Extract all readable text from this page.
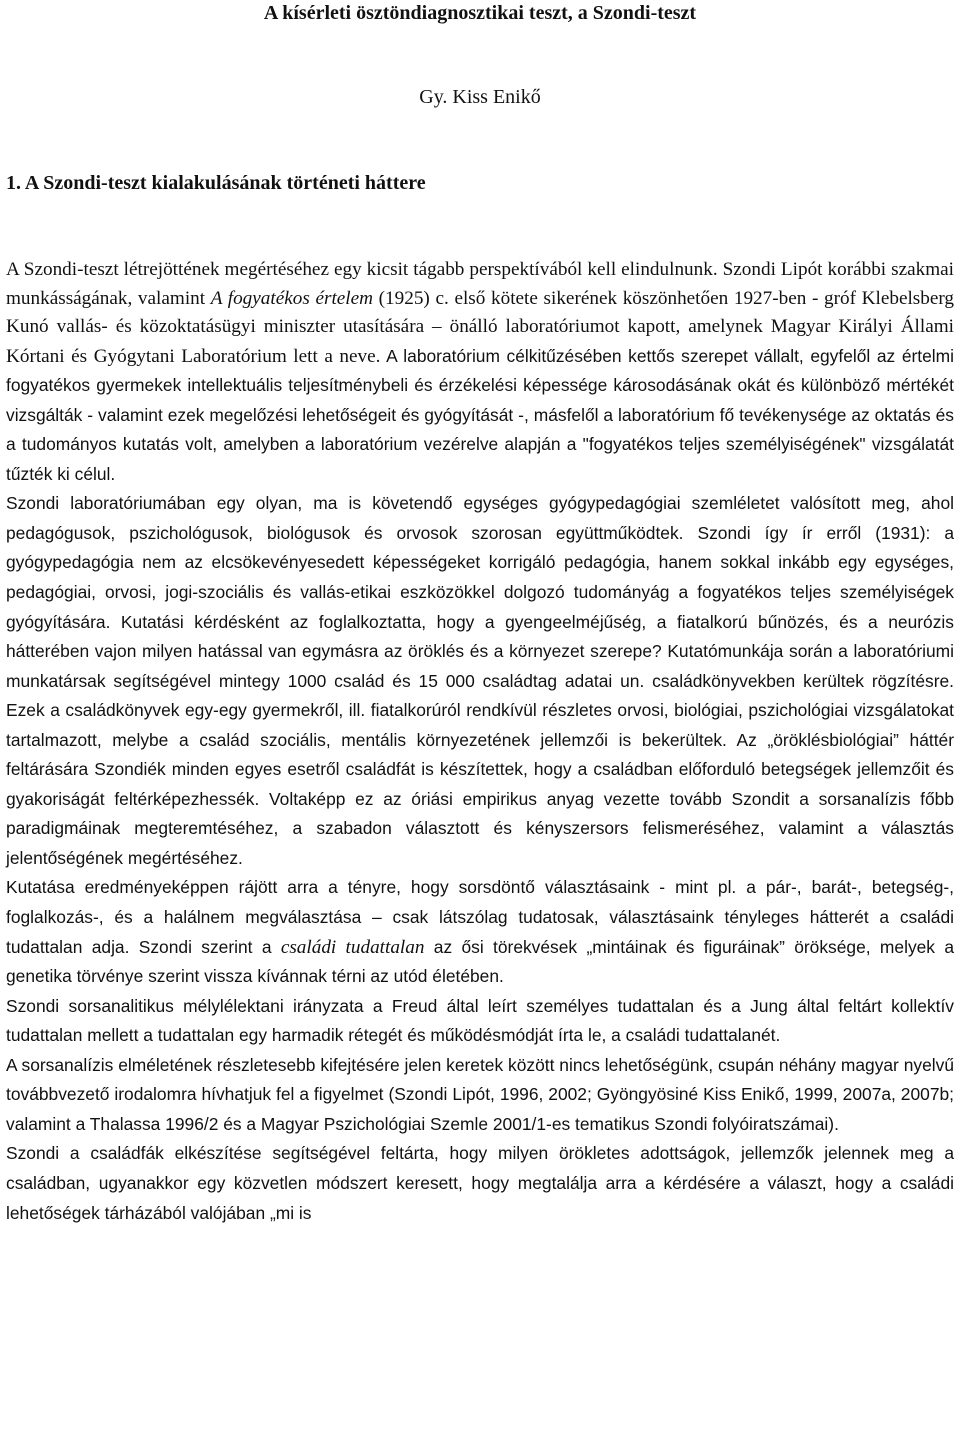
A kísérleti ösztöndiagnosztikai teszt, a Szondi-teszt
Gy. Kiss Enikő
1. A Szondi-teszt kialakulásának történeti háttere

A Szondi-teszt létrejöttének megértéséhez egy kicsit tágabb perspektívából kell elindulnunk. Szondi Lipót korábbi szakmai munkásságának, valamint A fogyatékos értelem (1925) c. első kötete sikerének köszönhetően 1927-ben - gróf Klebelsberg Kunó vallás- és közoktatásügyi miniszter utasítására – önálló laboratóriumot kapott, amelynek Magyar Királyi Állami Kórtani és Gyógytani Laboratórium lett a neve. A laboratórium célkitűzésében kettős szerepet vállalt, egyfelől az értelmi fogyatékos gyermekek intellektuális teljesítménybeli és érzékelési képessége károsodásának okát és különböző mértékét vizsgálták - valamint ezek megelőzési lehetőségeit és gyógyítását -, másfelől a laboratórium fő tevékenysége az oktatás és a tudományos kutatás volt, amelyben a laboratórium vezérelve alapján a "fogyatékos teljes személyiségének" vizsgálatát tűzték ki célul.

Szondi laboratóriumában egy olyan, ma is követendő egységes gyógypedagógiai szemléletet valósított meg, ahol pedagógusok, pszichológusok, biológusok és orvosok szorosan együttműködtek. Szondi így ír erről (1931): a gyógypedagógia nem az elcsökevényesedett képességeket korrigáló pedagógia, hanem sokkal inkább egy egységes, pedagógiai, orvosi, jogi-szociális és vallás-etikai eszközökkel dolgozó tudományág a fogyatékos teljes személyiségek gyógyítására. Kutatási kérdésként az foglalkoztatta, hogy a gyengeelméjűség, a fiatalkorú bűnözés, és a neurózis hátterében vajon milyen hatással van egymásra az öröklés és a környezet szerepe? Kutatómunkája során a laboratóriumi munkatársak segítségével mintegy 1000 család és 15 000 családtag adatai un. családkönyvekben kerültek rögzítésre. Ezek a családkönyvek egy-egy gyermekről, ill. fiatalkorúról rendkívül részletes orvosi, biológiai, pszichológiai vizsgálatokat tartalmazott, melybe a család szociális, mentális környezetének jellemzői is bekerültek. Az „öröklésbiológiai” háttér feltárására Szondiék minden egyes esetről családfát is készítettek, hogy a családban előforduló betegségek jellemzőit és gyakoriságát feltérképezhessék. Voltaképp ez az óriási empirikus anyag vezette tovább Szondit a sorsanalízis főbb paradigmáinak megteremtéséhez, a szabadon választott és kényszersors felismeréséhez, valamint a választás jelentőségének megértéséhez.

Kutatása eredményeképpen rájött arra a tényre, hogy sorsdöntő választásaink - mint pl. a pár-, barát-, betegség-, foglalkozás-, és a halálnem megválasztása – csak látszólag tudatosak, választásaink tényleges hátterét a családi tudattalan adja. Szondi szerint a családi tudattalan az ősi törekvések „mintáinak és figuráinak” öröksége, melyek a genetika törvénye szerint vissza kívánnak térni az utód életében.

Szondi sorsanalitikus mélylélektani irányzata a Freud által leírt személyes tudattalan és a Jung által feltárt kollektív tudattalan mellett a tudattalan egy harmadik rétegét és működésmódját írta le, a családi tudattalanét.

A sorsanalízis elméletének részletesebb kifejtésére jelen keretek között nincs lehetőségünk, csupán néhány magyar nyelvű továbbvezető irodalomra hívhatjuk fel a figyelmet (Szondi Lipót, 1996, 2002; Gyöngyösiné Kiss Enikő, 1999, 2007a, 2007b; valamint a Thalassa 1996/2 és a Magyar Pszichológiai Szemle 2001/1-es tematikus Szondi folyóiratszámai).

Szondi a családfák elkészítése segítségével feltárta, hogy milyen örökletes adottságok, jellemzők jelennek meg a családban, ugyanakkor egy közvetlen módszert keresett, hogy megtalálja arra a kérdésére a választ, hogy a családi lehetőségek tárházából valójában „mi is
